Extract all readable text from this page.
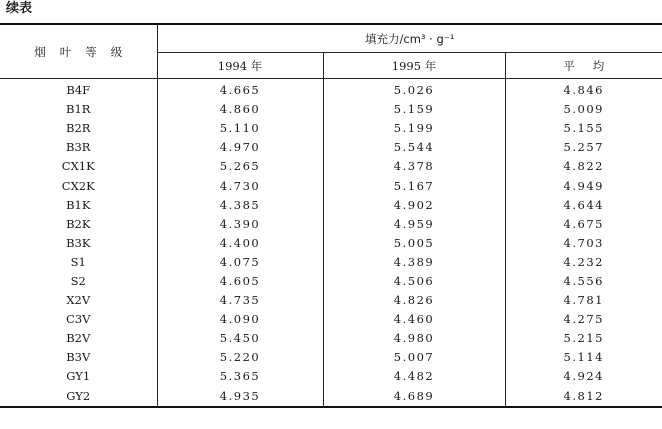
续表
烟叶等级	填充力/cm³ · g⁻¹		
	1994 年	1995 年	平均
B4F	4.665	5.026	4.846
B1R	4.860	5.159	5.009
B2R	5.110	5.199	5.155
B3R	4.970	5.544	5.257
CX1K	5.265	4.378	4.822
CX2K	4.730	5.167	4.949
B1K	4.385	4.902	4.644
B2K	4.390	4.959	4.675
B3K	4.400	5.005	4.703
S1	4.075	4.389	4.232
S2	4.605	4.506	4.556
X2V	4.735	4.826	4.781
C3V	4.090	4.460	4.275
B2V	5.450	4.980	5.215
B3V	5.220	5.007	5.114
GY1	5.365	4.482	4.924
GY2	4.935	4.689	4.812
